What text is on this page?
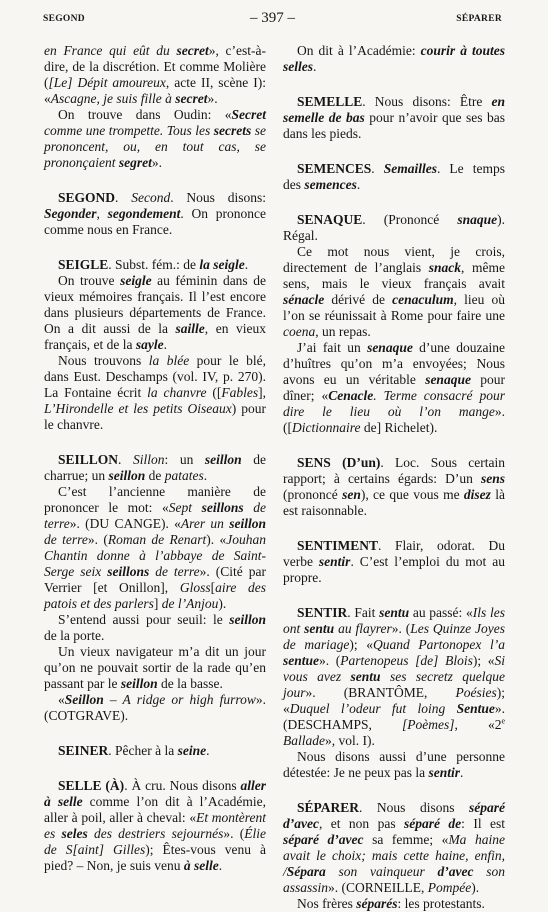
SEGOND	– 397 –	SÉPARER

en France qui eût du secret», c’est-à-dire, de la discrétion. Et comme Molière ([Le] Dépit amoureux, acte II, scène I): «Ascagne, je suis fille à secret».

On trouve dans Oudin: «Secret comme une trompette. Tous les secrets se prononcent, ou, en tout cas, se prononçaient segret».

SEGOND. Second. Nous disons: Segonder, segondement. On prononce comme nous en France.

SEIGLE. Subst. fém.: de la seigle.

On trouve seigle au féminin dans de vieux mémoires français. Il l’est encore dans plusieurs départements de France. On a dit aussi de la saille, en vieux français, et de la sayle.

Nous trouvons la blée pour le blé, dans Eust. Deschamps (vol. IV, p. 270). La Fontaine écrit la chanvre ([Fables], L’Hirondelle et les petits Oiseaux) pour le chanvre.

SEILLON. Sillon: un seillon de charrue; un seillon de patates.

C’est l’ancienne manière de prononcer le mot: «Sept seillons de terre». (DU CANGE). «Arer un seillon de terre». (Roman de Renart). «Jouhan Chantin donne à l’abbaye de Saint-Serge seix seillons de terre». (Cité par Verrier [et Onillon], Gloss[aire des patois et des parlers] de l’Anjou).

S’entend aussi pour seuil: le seillon de la porte.

Un vieux navigateur m’a dit un jour qu’on ne pouvait sortir de la rade qu’en passant par le seillon de la basse.

«Seillon – A ridge or high furrow». (COTGRAVE).

SEINER. Pêcher à la seine.

SELLE (À). À cru. Nous disons aller à selle comme l’on dit à l’Académie, aller à poil, aller à cheval: «Et montèrent es seles des destriers sejournés». (Élie de S[aint] Gilles); Êtes-vous venu à pied? – Non, je suis venu à selle.

On dit à l’Académie: courir à toutes selles.

SEMELLE. Nous disons: Être en semelle de bas pour n’avoir que ses bas dans les pieds.

SEMENCES. Semailles. Le temps des semences.

SENAQUE. (Prononcé snaque). Régal.

Ce mot nous vient, je crois, directement de l’anglais snack, même sens, mais le vieux français avait sénacle dérivé de cenaculum, lieu où l’on se réunissait à Rome pour faire une coena, un repas.

J’ai fait un senaque d’une douzaine d’huîtres qu’on m’a envoyées; Nous avons eu un véritable senaque pour dîner; «Cenacle. Terme consacré pour dire le lieu où l’on mange». ([Dictionnaire de] Richelet).

SENS (D’un). Loc. Sous certain rapport; à certains égards: D’un sens (prononcé sen), ce que vous me disez là est raisonnable.

SENTIMENT. Flair, odorat. Du verbe sentir. C’est l’emploi du mot au propre.

SENTIR. Fait sentu au passé: «Ils les ont sentu au flayrer». (Les Quinze Joyes de mariage); «Quand Partonopex l’a sentue». (Partenopeus [de] Blois); «Si vous avez sentu ses secretz quelque jour». (BRANTÔME, Poésies); «Duquel l’odeur fut loing Sentue». (DESCHAMPS, [Poèmes], «2e Ballade», vol. I).

Nous disons aussi d’une personne détestée: Je ne peux pas la sentir.

SÉPARER. Nous disons séparé d’avec, et non pas séparé de: Il est séparé d’avec sa femme; «Ma haine avait le choix; mais cette haine, enfin, /Sépara son vainqueur d’avec son assassin». (CORNEILLE, Pompée).

Nos frères séparés: les protestants.
